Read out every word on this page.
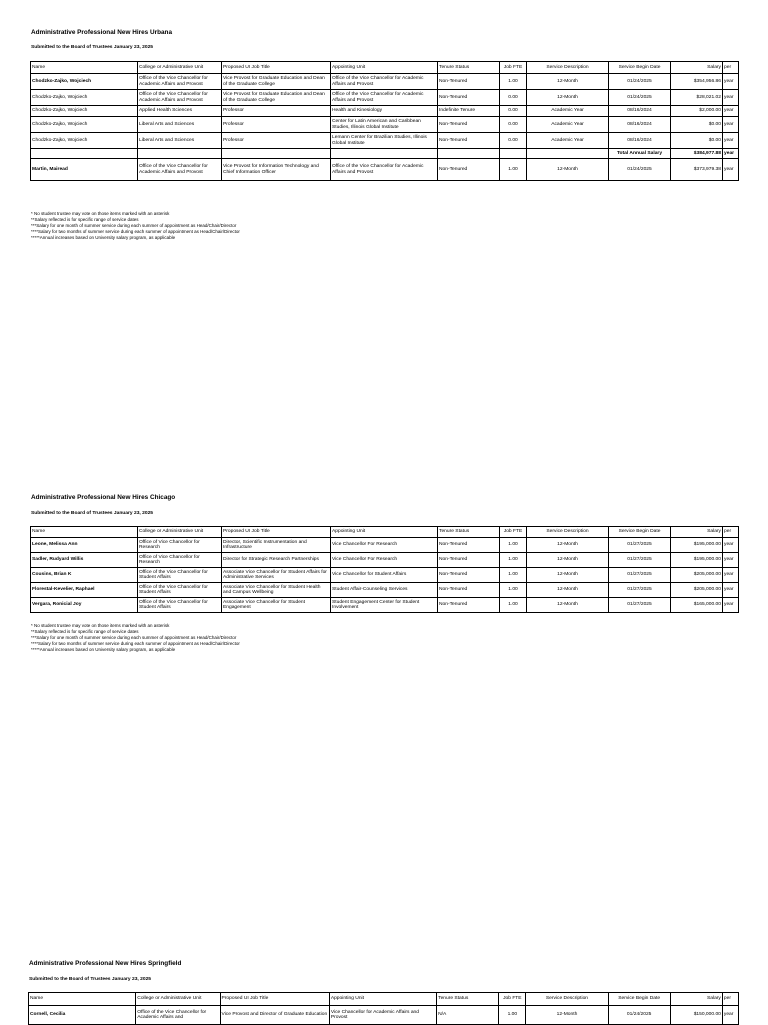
Administrative Professional New Hires Urbana
Submitted to the Board of Trustees January 23, 2025
Name	College or Administrative Unit	Proposed UI Job Title	Appointing Unit	Tenure Status	Job FTE	Service Description	Service Begin Date	Salary	per
Chodzko-Zajko, Wojciech	Office of the Vice Chancellor for Academic Affairs and Provost	Vice Provost for Graduate Education and Dean of the Graduate College	Office of the Vice Chancellor for Academic Affairs and Provost	Non-Tenured	1.00	12-Month	01/24/2025	$354,956.86	year
Chodzko-Zajko, Wojciech	Office of the Vice Chancellor for Academic Affairs and Provost	Vice Provost for Graduate Education and Dean of the Graduate College	Office of the Vice Chancellor for Academic Affairs and Provost	Non-Tenured	0.00	12-Month	01/24/2025	$28,021.02	year
Chodzko-Zajko, Wojciech	Applied Health Sciences	Professor	Health and Kinesiology	Indefinite Tenure	0.00	Academic Year	08/16/2024	$2,000.00	year
Chodzko-Zajko, Wojciech	Liberal Arts and Sciences	Professor	Center for Latin American and Caribbean Studies, Illinois Global Institute	Non-Tenured	0.00	Academic Year	08/16/2024	$0.00	year
Chodzko-Zajko, Wojciech	Liberal Arts and Sciences	Professor	Lemann Center for Brazilian Studies, Illinois Global Institute	Non-Tenured	0.00	Academic Year	08/16/2024	$0.00	year
							Total Annual Salary	$384,977.88	year
Martin, Mairead	Office of the Vice Chancellor for Academic Affairs and Provost	Vice Provost for Information Technology and Chief Information Officer	Office of the Vice Chancellor for Academic Affairs and Provost	Non-Tenured	1.00	12-Month	01/24/2025	$373,979.38	year
* No student trustee may vote on those items marked with an asterisk
**Salary reflected is for specific range of service dates
***Salary for one month of summer service during each summer of appointment as Head/Chair/Director
****Salary for two months of summer service during each summer of appointment as Head/Chair/Director
*****Annual increases based on University salary program, as applicable
Administrative Professional New Hires Chicago
Submitted to the Board of Trustees January 23, 2025
Name	College or Administrative Unit	Proposed UI Job Title	Appointing Unit	Tenure Status	Job FTE	Service Description	Service Begin Date	Salary	per
Leone, Melissa Ann	Office of Vice Chancellor for Research	Director, Scientific Instrumentation and Infrastructure	Vice Chancellor For Research	Non-Tenured	1.00	12-Month	01/27/2025	$195,000.00	year
Sadler, Rudyard Willis	Office of Vice Chancellor for Research	Director for Strategic Research Partnerships	Vice Chancellor For Research	Non-Tenured	1.00	12-Month	01/27/2025	$195,000.00	year
Cousins, Brian K	Office of the Vice Chancellor for Student Affairs	Associate Vice Chancellor for Student Affairs for Administrative Services	Vice Chancellor for Student Affairs	Non-Tenured	1.00	12-Month	01/27/2025	$205,000.00	year
Florestal-Kevelier, Raphael	Office of the Vice Chancellor for Student Affairs	Associate Vice Chancellor for Student Health and Campus Wellbeing	Student Affair-Counseling Services	Non-Tenured	1.00	12-Month	01/27/2025	$205,000.00	year
Vergara, Ronicial Joy	Office of the Vice Chancellor for Student Affairs	Associate Vice Chancellor for Student Engagement	Student Engagement Center for Student Involvement	Non-Tenured	1.00	12-Month	01/27/2025	$165,000.00	year
* No student trustee may vote on those items marked with an asterisk
**Salary reflected is for specific range of service dates
***Salary for one month of summer service during each summer of appointment as Head/Chair/Director
****Salary for two months of summer service during each summer of appointment as Head/Chair/Director
*****Annual increases based on University salary program, as applicable
Administrative Professional New Hires Springfield
Submitted to the Board of Trustees January 23, 2025
Name	College or Administrative Unit	Proposed UI Job Title	Appointing Unit	Tenure Status	Job FTE	Service Description	Service Begin Date	Salary	per
Cornell, Cecilia	Office of the Vice Chancellor for Academic Affairs and	Vice Provost and Director of Graduate Education	Vice Chancellor for Academic Affairs and Provost	N/A	1.00	12-Month	01/24/2025	$150,000.00	year
